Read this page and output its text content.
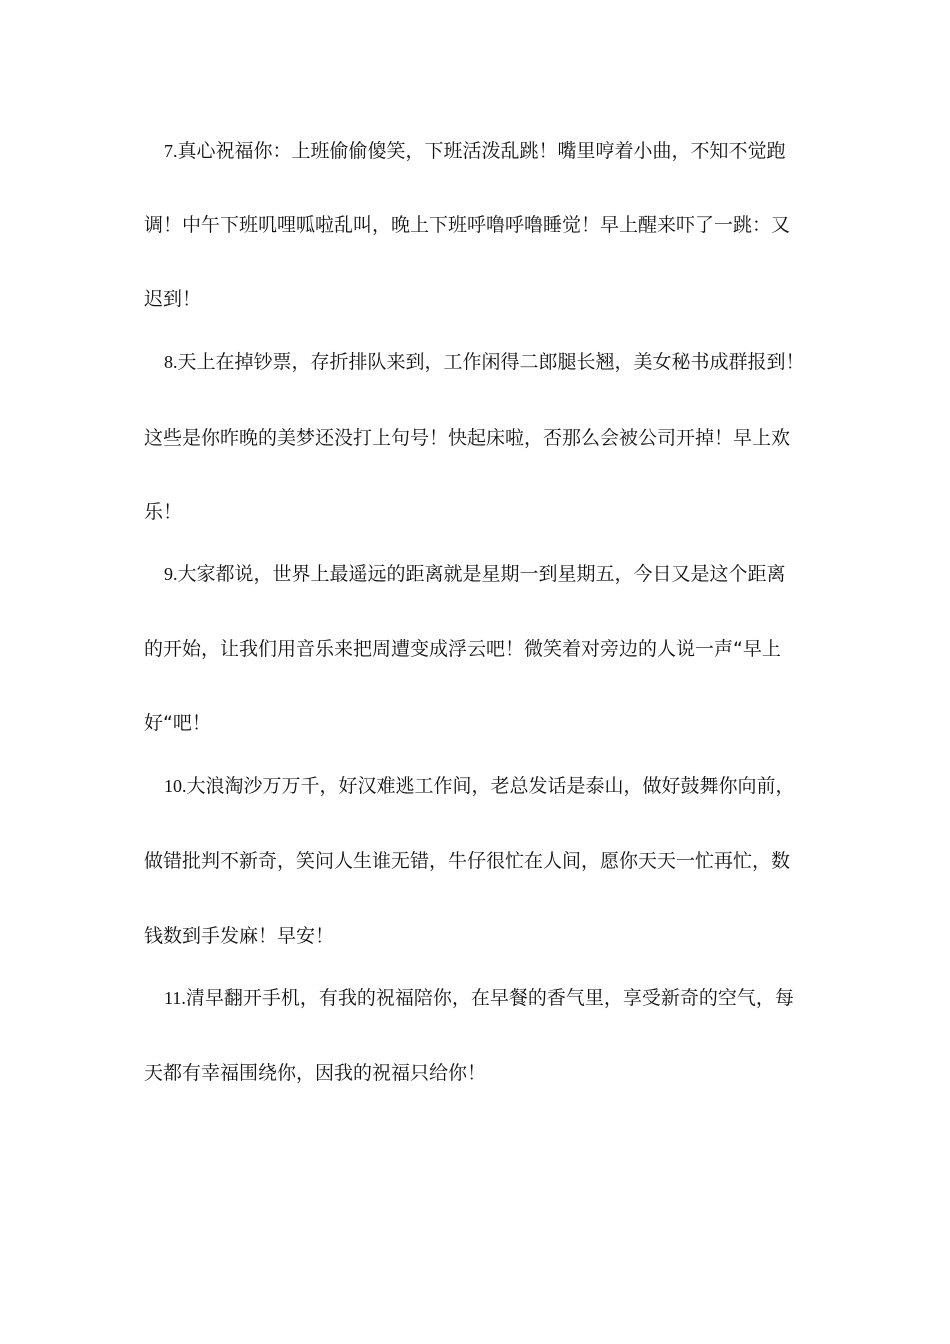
7.真心祝福你：上班偷偷傻笑，下班活泼乱跳！嘴里哼着小曲，不知不觉跑
调！中午下班叽哩呱啦乱叫，晚上下班呼噜呼噜睡觉！早上醒来吓了一跳：又
迟到！
8.天上在掉钞票，存折排队来到，工作闲得二郎腿长翘，美女秘书成群报到！
这些是你昨晚的美梦还没打上句号！快起床啦，否那么会被公司开掉！早上欢
乐！
9.大家都说，世界上最遥远的距离就是星期一到星期五，今日又是这个距离
的开始，让我们用音乐来把周遭变成浮云吧！微笑着对旁边的人说一声“早上
好“吧！
10.大浪淘沙万万千，好汉难逃工作间，老总发话是泰山，做好鼓舞你向前，
做错批判不新奇，笑问人生谁无错，牛仔很忙在人间，愿你天天一忙再忙，数
钱数到手发麻！早安！
11.清早翻开手机，有我的祝福陪你，在早餐的香气里，享受新奇的空气，每
天都有幸福围绕你，因我的祝福只给你！
